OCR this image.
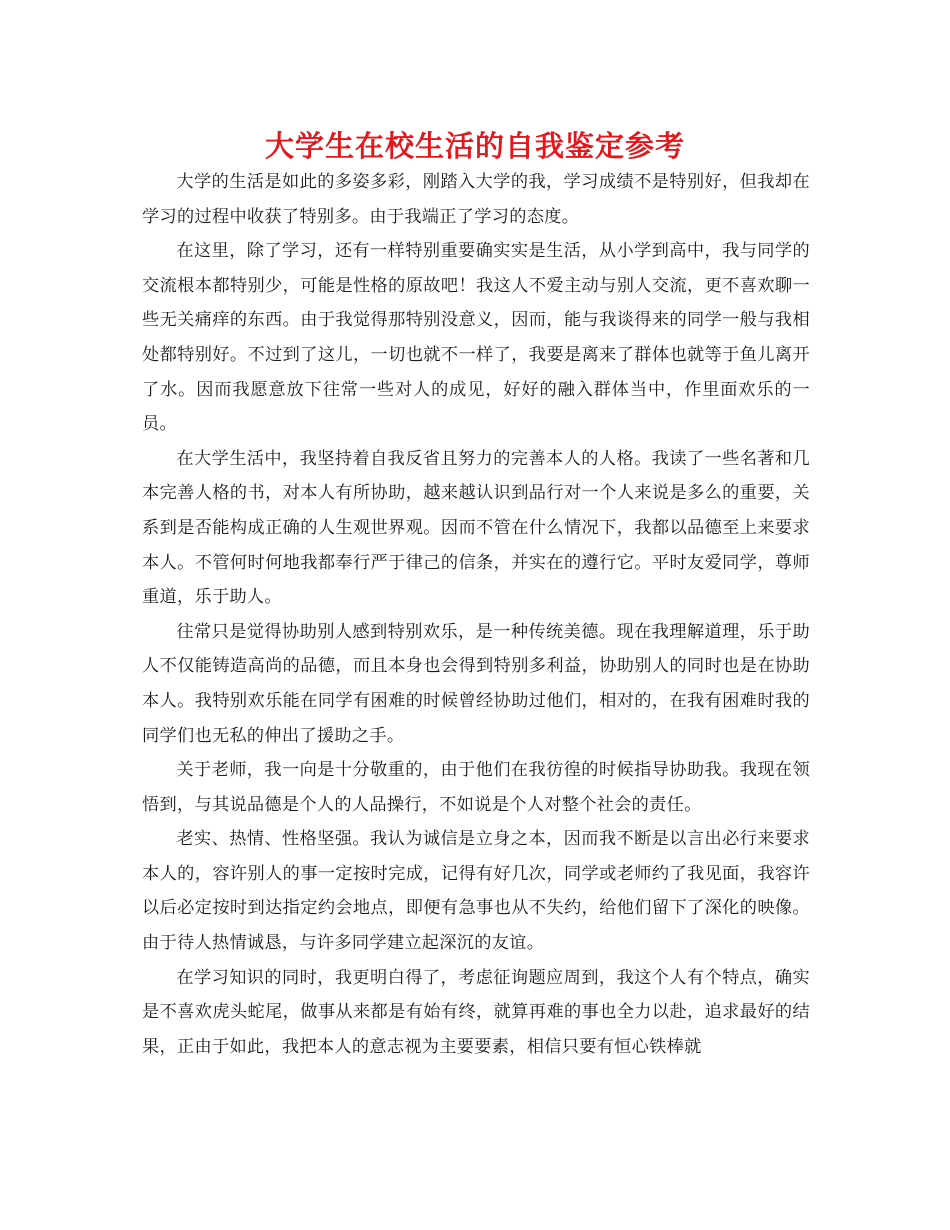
大学生在校生活的自我鉴定参考

大学的生活是如此的多姿多彩，刚踏入大学的我，学习成绩不是特别好，但我却在学习的过程中收获了特别多。由于我端正了学习的态度。

在这里，除了学习，还有一样特别重要确实实是生活，从小学到高中，我与同学的交流根本都特别少，可能是性格的原故吧！我这人不爱主动与别人交流，更不喜欢聊一些无关痛痒的东西。由于我觉得那特别没意义，因而，能与我谈得来的同学一般与我相处都特别好。不过到了这儿，一切也就不一样了，我要是离来了群体也就等于鱼儿离开了水。因而我愿意放下往常一些对人的成见，好好的融入群体当中，作里面欢乐的一员。

在大学生活中，我坚持着自我反省且努力的完善本人的人格。我读了一些名著和几本完善人格的书，对本人有所协助，越来越认识到品行对一个人来说是多么的重要，关系到是否能构成正确的人生观世界观。因而不管在什么情况下，我都以品德至上来要求本人。不管何时何地我都奉行严于律己的信条，并实在的遵行它。平时友爱同学，尊师重道，乐于助人。

往常只是觉得协助别人感到特别欢乐，是一种传统美德。现在我理解道理，乐于助人不仅能铸造高尚的品德，而且本身也会得到特别多利益，协助别人的同时也是在协助本人。我特别欢乐能在同学有困难的时候曾经协助过他们，相对的，在我有困难时我的同学们也无私的伸出了援助之手。

关于老师，我一向是十分敬重的，由于他们在我彷徨的时候指导协助我。我现在领悟到，与其说品德是个人的人品操行，不如说是个人对整个社会的责任。

老实、热情、性格坚强。我认为诚信是立身之本，因而我不断是以言出必行来要求本人的，容许别人的事一定按时完成，记得有好几次，同学或老师约了我见面，我容许以后必定按时到达指定约会地点，即便有急事也从不失约，给他们留下了深化的映像。由于待人热情诚恳，与许多同学建立起深沉的友谊。

在学习知识的同时，我更明白得了，考虑征询题应周到，我这个人有个特点，确实是不喜欢虎头蛇尾，做事从来都是有始有终，就算再难的事也全力以赴，追求最好的结果，正由于如此，我把本人的意志视为主要要素，相信只要有恒心铁棒就
